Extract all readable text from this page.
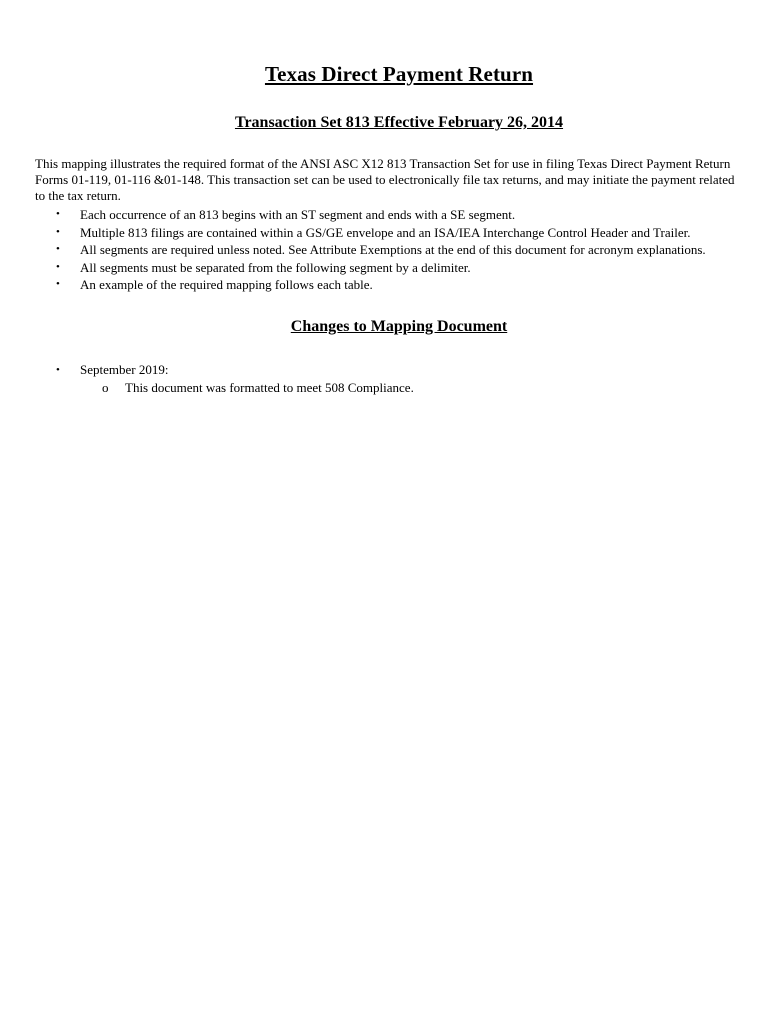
Texas Direct Payment Return
Transaction Set 813 Effective February 26, 2014

This mapping illustrates the required format of the ANSI ASC X12 813 Transaction Set for use in filing Texas Direct Payment Return Forms 01-119, 01-116 &01-148. This transaction set can be used to electronically file tax returns, and may initiate the payment related to the tax return.

• Each occurrence of an 813 begins with an ST segment and ends with a SE segment.
• Multiple 813 filings are contained within a GS/GE envelope and an ISA/IEA Interchange Control Header and Trailer.
• All segments are required unless noted. See Attribute Exemptions at the end of this document for acronym explanations.
• All segments must be separated from the following segment by a delimiter.
• An example of the required mapping follows each table.
Changes to Mapping Document
• September 2019:
o This document was formatted to meet 508 Compliance.
